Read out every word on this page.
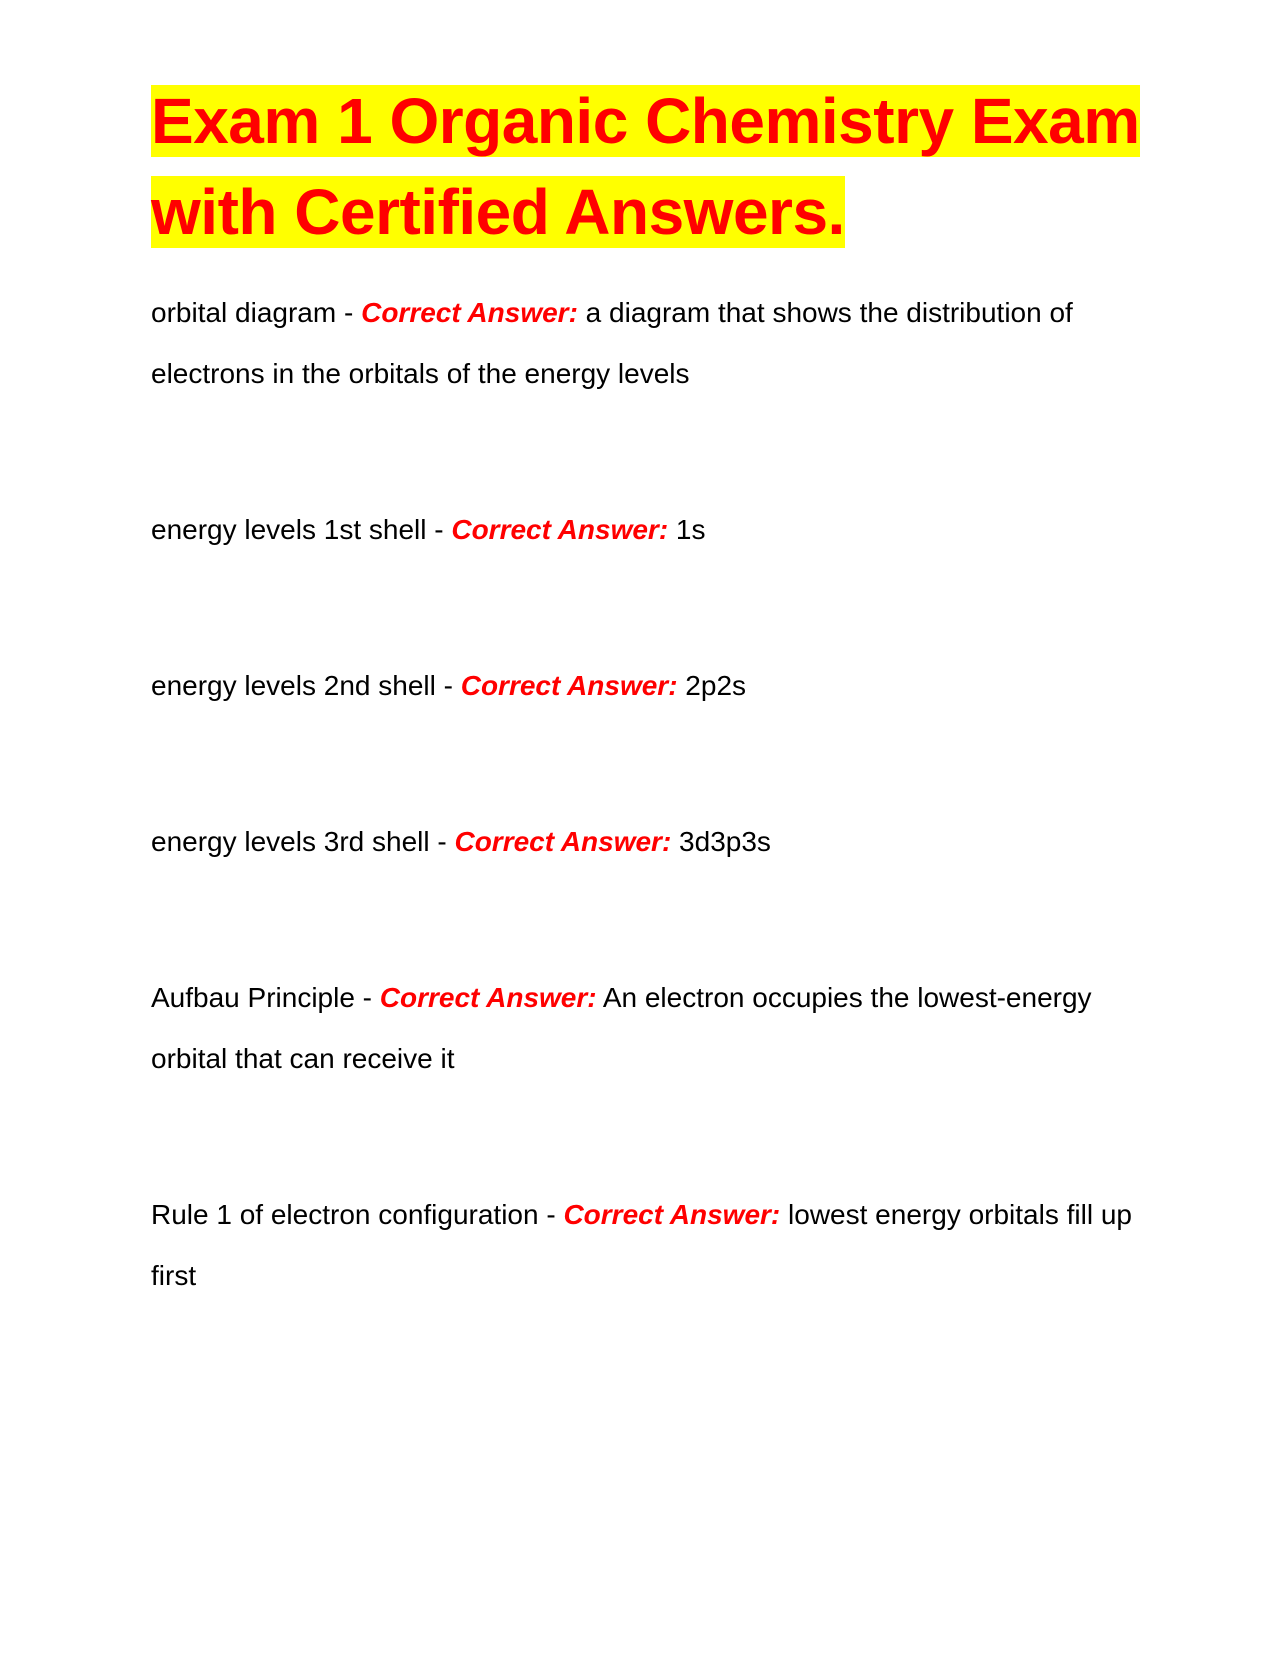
Exam 1 Organic Chemistry Exam with Certified Answers.

orbital diagram - Correct Answer: a diagram that shows the distribution of electrons in the orbitals of the energy levels

energy levels 1st shell - Correct Answer: 1s

energy levels 2nd shell - Correct Answer: 2p2s

energy levels 3rd shell - Correct Answer: 3d3p3s

Aufbau Principle - Correct Answer: An electron occupies the lowest-energy orbital that can receive it

Rule 1 of electron configuration - Correct Answer: lowest energy orbitals fill up first
